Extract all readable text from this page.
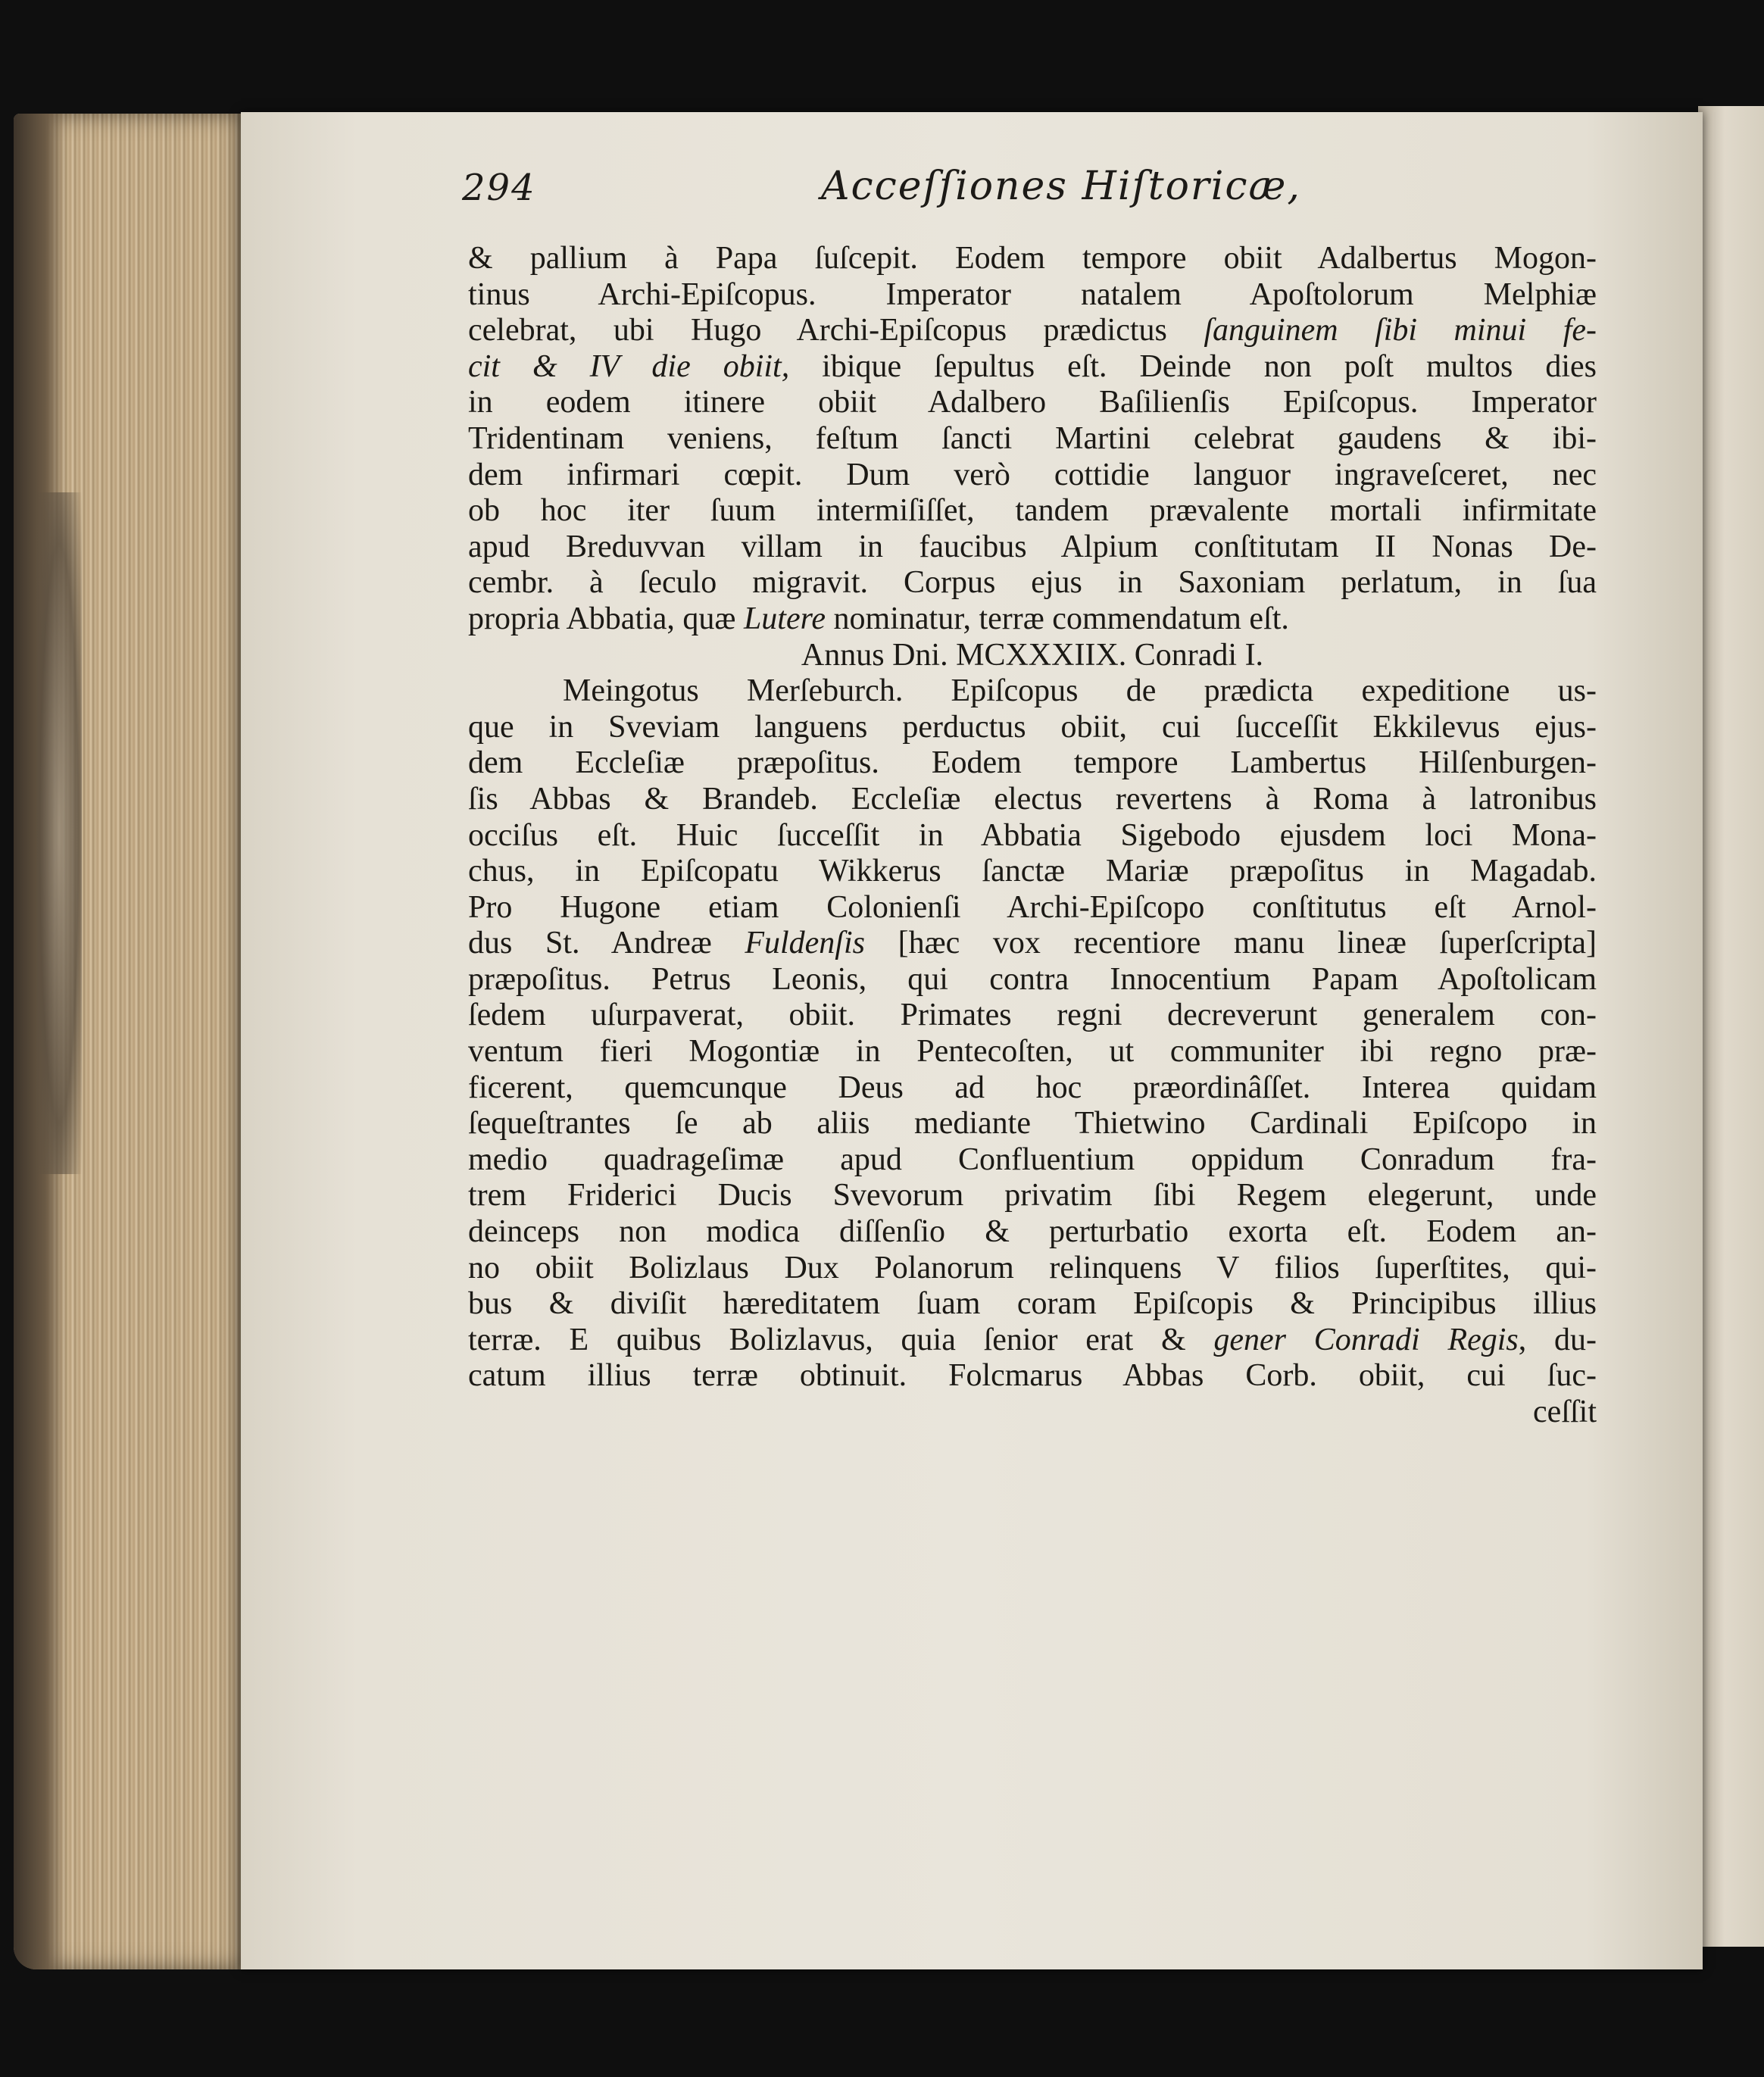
294	Acceſſiones Hiſtoricæ,
& pallium à Papa ſuſcepit. Eodem tempore obiit Adalbertus Mogon-
tinus Archi-Epiſcopus. Imperator natalem Apoſtolorum Melphiæ
celebrat, ubi Hugo Archi-Epiſcopus prædictus ſanguinem ſibi minui fe-
cit & IV die obiit, ibique ſepultus eſt. Deinde non poſt multos dies
in eodem itinere obiit Adalbero Baſilienſis Epiſcopus. Imperator
Tridentinam veniens, feſtum ſancti Martini celebrat gaudens & ibi-
dem infirmari cœpit. Dum verò cottidie languor ingraveſceret, nec
ob hoc iter ſuum intermiſiſſet, tandem prævalente mortali infirmitate
apud Breduvvan villam in faucibus Alpium conſtitutam II Nonas De-
cembr. à ſeculo migravit. Corpus ejus in Saxoniam perlatum, in ſua
propria Abbatia, quæ Lutere nominatur, terræ commendatum eſt.
Annus Dni. MCXXXIIX. Conradi I.
Meingotus Merſeburch. Epiſcopus de prædicta expeditione us-
que in Sveviam languens perductus obiit, cui ſucceſſit Ekkilevus ejus-
dem Eccleſiæ præpoſitus. Eodem tempore Lambertus Hilſenburgen-
ſis Abbas & Brandeb. Eccleſiæ electus revertens à Roma à latronibus
occiſus eſt. Huic ſucceſſit in Abbatia Sigebodo ejusdem loci Mona-
chus, in Epiſcopatu Wikkerus ſanctæ Mariæ præpoſitus in Magadab.
Pro Hugone etiam Colonienſi Archi-Epiſcopo conſtitutus eſt Arnol-
dus St. Andreæ Fuldenſis [hæc vox recentiore manu lineæ ſuperſcripta]
præpoſitus. Petrus Leonis, qui contra Innocentium Papam Apoſtolicam
ſedem uſurpaverat, obiit. Primates regni decreverunt generalem con-
ventum fieri Mogontiæ in Pentecoſten, ut communiter ibi regno præ-
ficerent, quemcunque Deus ad hoc præordinâſſet. Interea quidam
ſequeſtrantes ſe ab aliis mediante Thietwino Cardinali Epiſcopo in
medio quadrageſimæ apud Confluentium oppidum Conradum fra-
trem Friderici Ducis Svevorum privatim ſibi Regem elegerunt, unde
deinceps non modica diſſenſio & perturbatio exorta eſt. Eodem an-
no obiit Bolizlaus Dux Polanorum relinquens V filios ſuperſtites, qui-
bus & diviſit hæreditatem ſuam coram Epiſcopis & Principibus illius
terræ. E quibus Bolizlavus, quia ſenior erat & gener Conradi Regis, du-
catum illius terræ obtinuit. Folcmarus Abbas Corb. obiit, cui ſuc-
ceſſit
